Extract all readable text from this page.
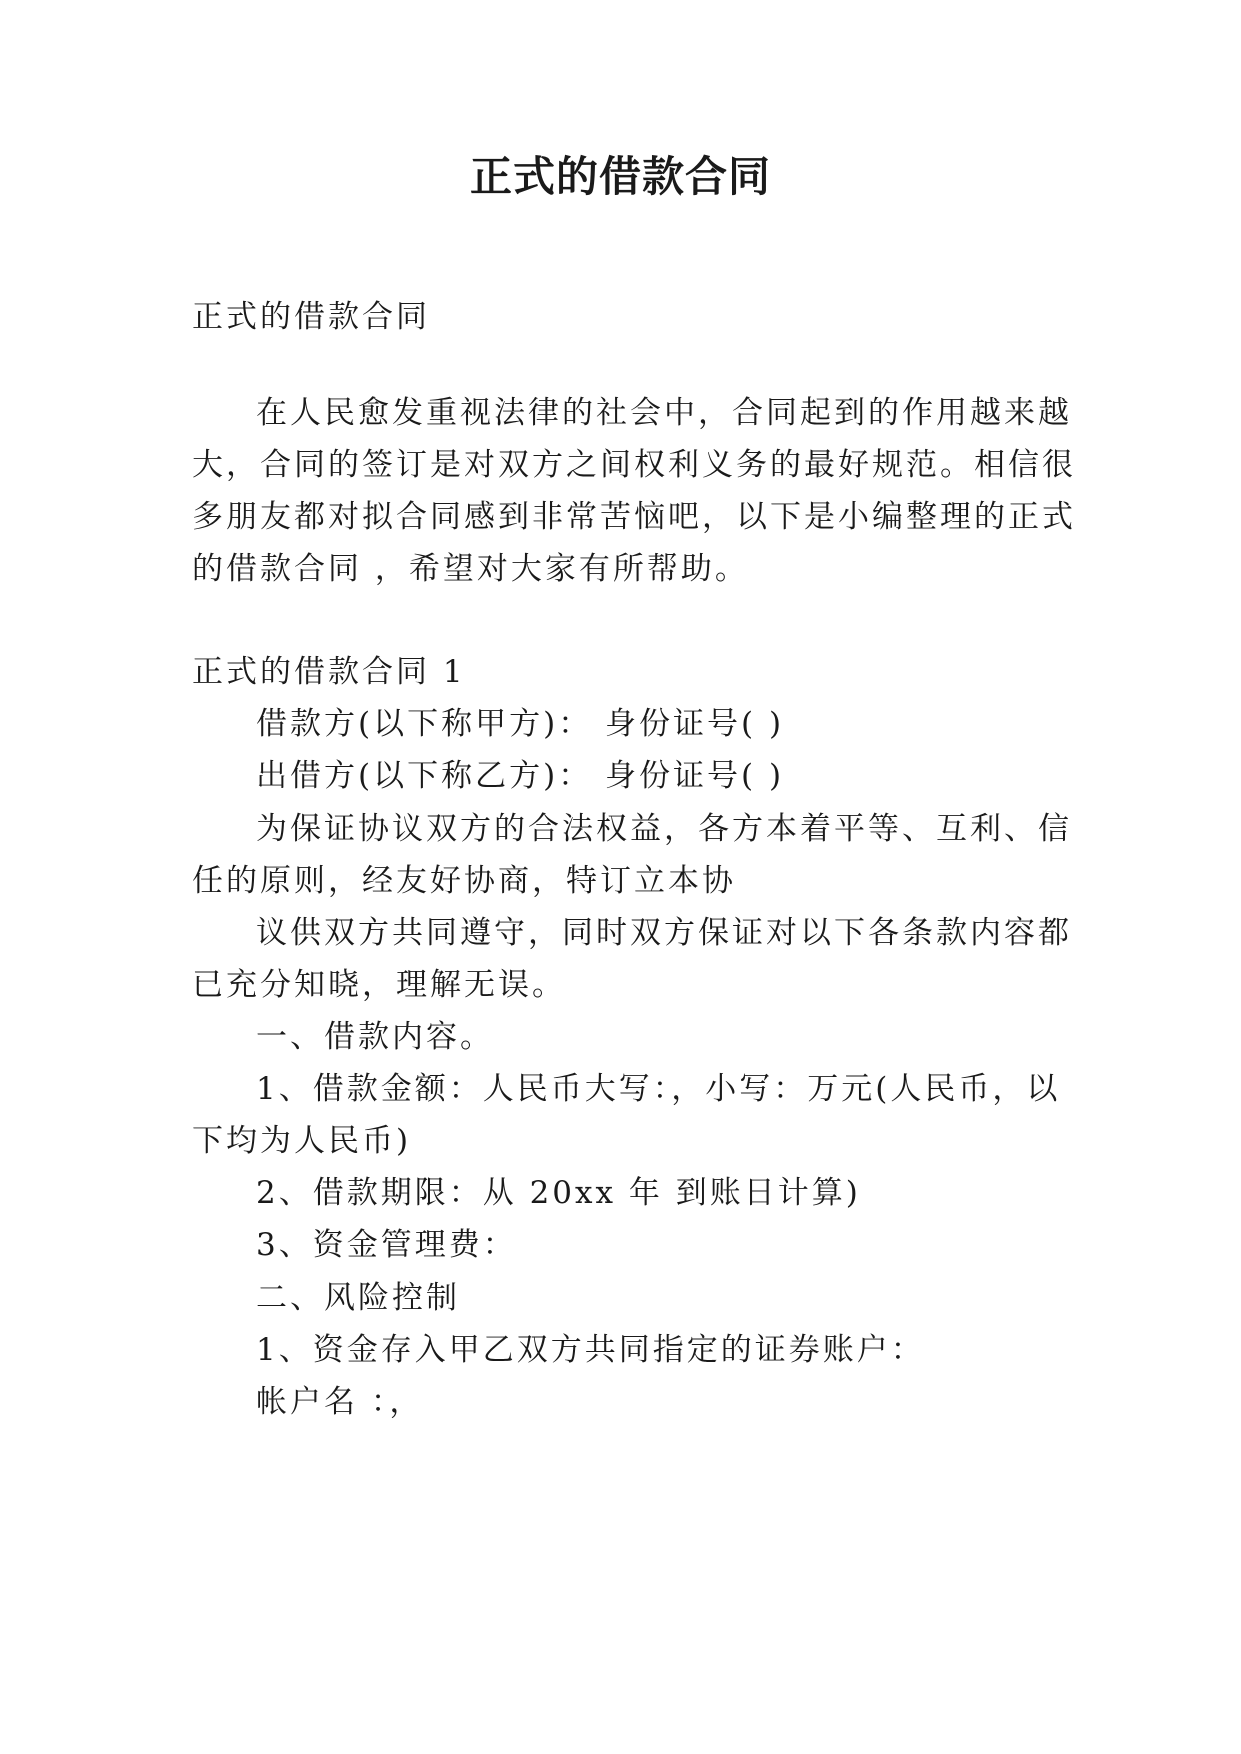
正式的借款合同
正式的借款合同
在人民愈发重视法律的社会中，合同起到的作用越来越
大，合同的签订是对双方之间权利义务的最好规范。相信很
多朋友都对拟合同感到非常苦恼吧，以下是小编整理的正式
的借款合同 ，希望对大家有所帮助。
正式的借款合同 1
借款方(以下称甲方)： 身份证号( )
出借方(以下称乙方)： 身份证号( )
为保证协议双方的合法权益，各方本着平等、互利、信
任的原则，经友好协商，特订立本协
议供双方共同遵守，同时双方保证对以下各条款内容都
已充分知晓，理解无误。
一、借款内容。
1、借款金额：人民币大写：，小写：万元(人民币，以
下均为人民币)
2、借款期限：从 20xx 年 到账日计算)
3、资金管理费：
二、风险控制
1、资金存入甲乙双方共同指定的证券账户：
帐户名 ：，
